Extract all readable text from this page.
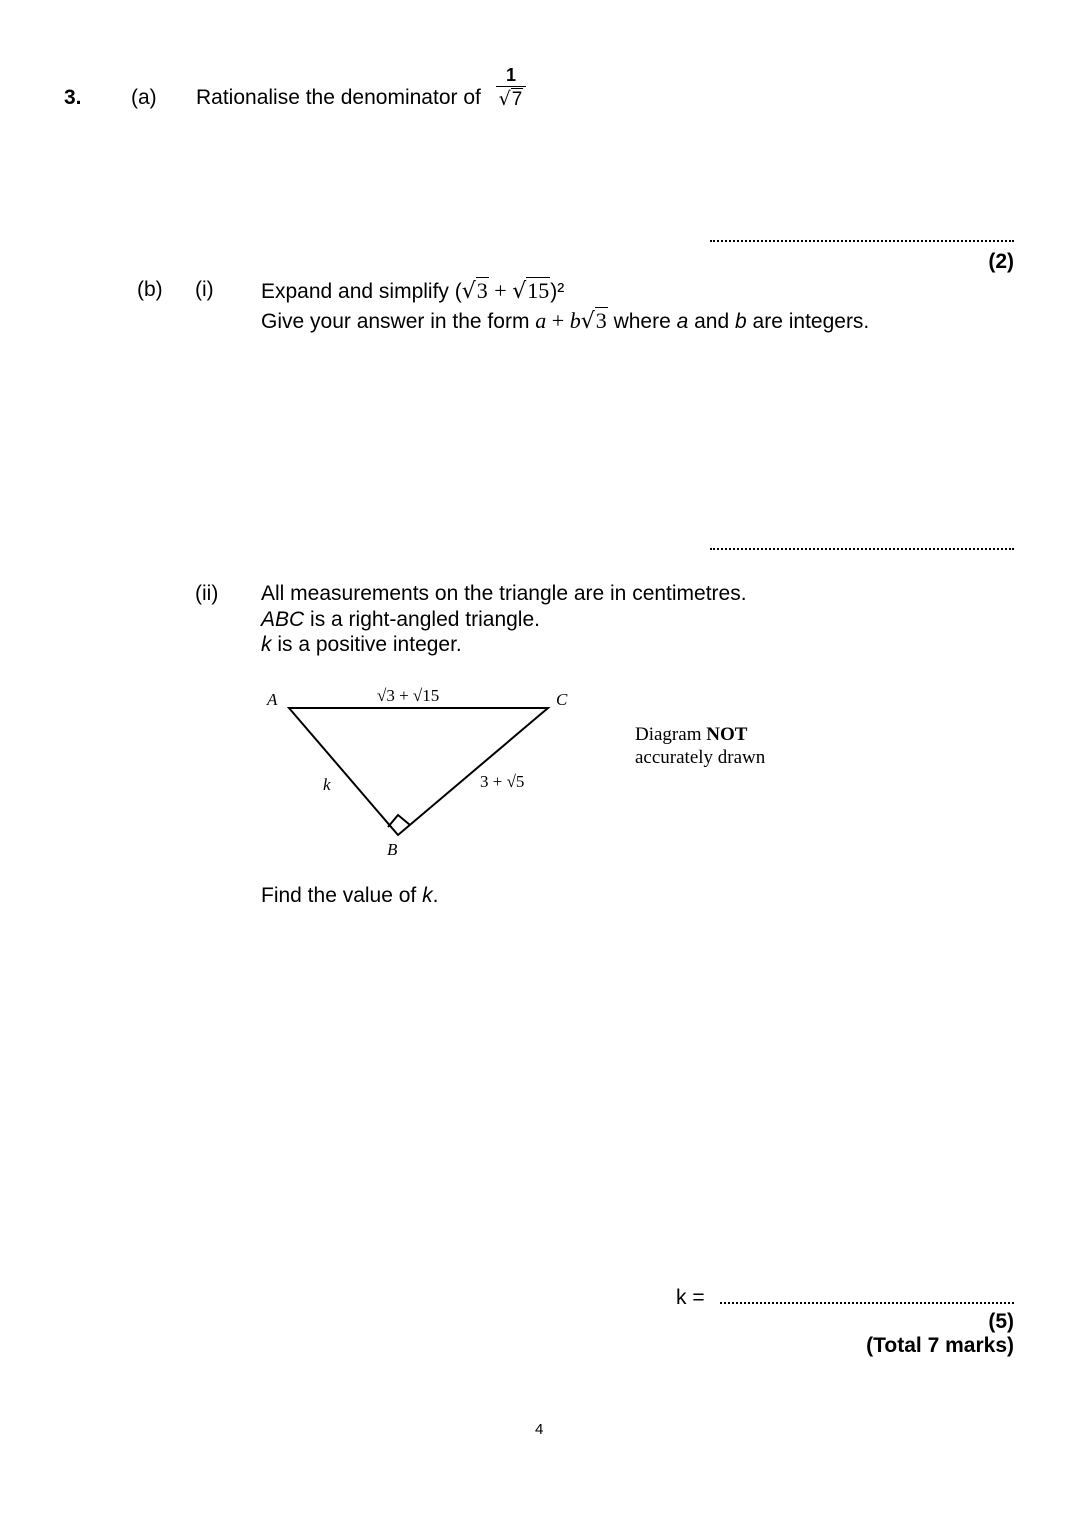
3. (a) Rationalise the denominator of
1
√7
(2)
(b) (i) Expand and simplify (√3 + √15)²
Give your answer in the form a + b√3 where a and b are integers.
(ii) All measurements on the triangle are in centimetres.
ABC is a right-angled triangle.
k is a positive integer.
A	C
B
√3 + √15
k	3 + √5
Diagram NOT
accurately drawn
Find the value of k.
k =
(5)
(Total 7 marks)
4
